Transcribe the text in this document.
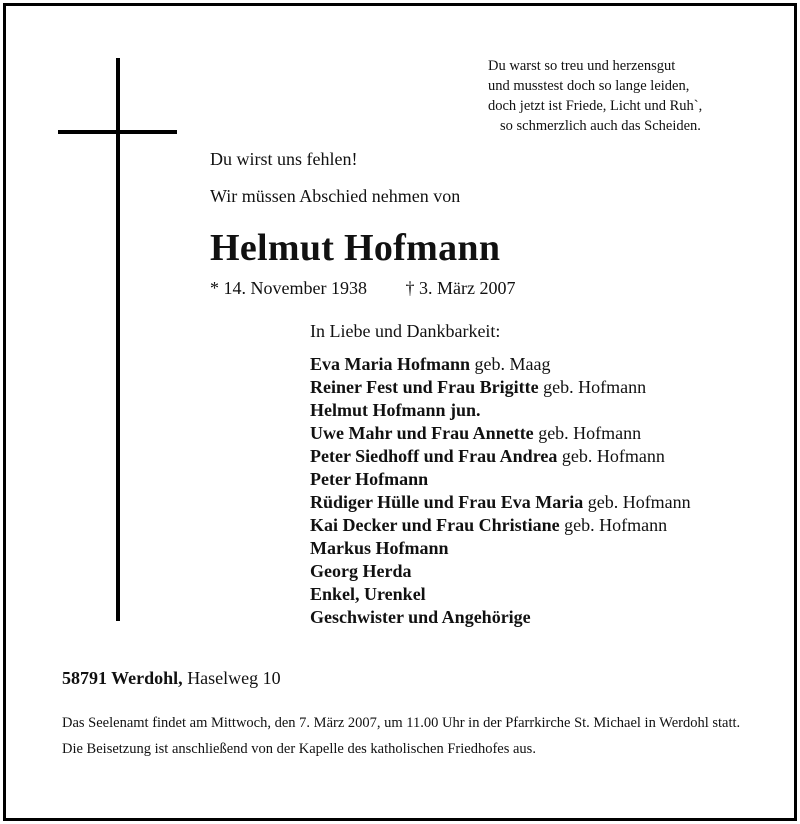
Du warst so treu und herzensgut
und musstest doch so lange leiden,
doch jetzt ist Friede, Licht und Ruh`,
so schmerzlich auch das Scheiden.
Du wirst uns fehlen!
Wir müssen Abschied nehmen von
Helmut Hofmann
* 14. November 1938 † 3. März 2007
In Liebe und Dankbarkeit:
Eva Maria Hofmann geb. Maag
Reiner Fest und Frau Brigitte geb. Hofmann
Helmut Hofmann jun.
Uwe Mahr und Frau Annette geb. Hofmann
Peter Siedhoff und Frau Andrea geb. Hofmann
Peter Hofmann
Rüdiger Hülle und Frau Eva Maria geb. Hofmann
Kai Decker und Frau Christiane geb. Hofmann
Markus Hofmann
Georg Herda
Enkel, Urenkel
Geschwister und Angehörige
58791 Werdohl, Haselweg 10

Das Seelenamt findet am Mittwoch, den 7. März 2007, um 11.00 Uhr in der Pfarrkirche St. Michael in Werdohl statt.

Die Beisetzung ist anschließend von der Kapelle des katholischen Friedhofes aus.
